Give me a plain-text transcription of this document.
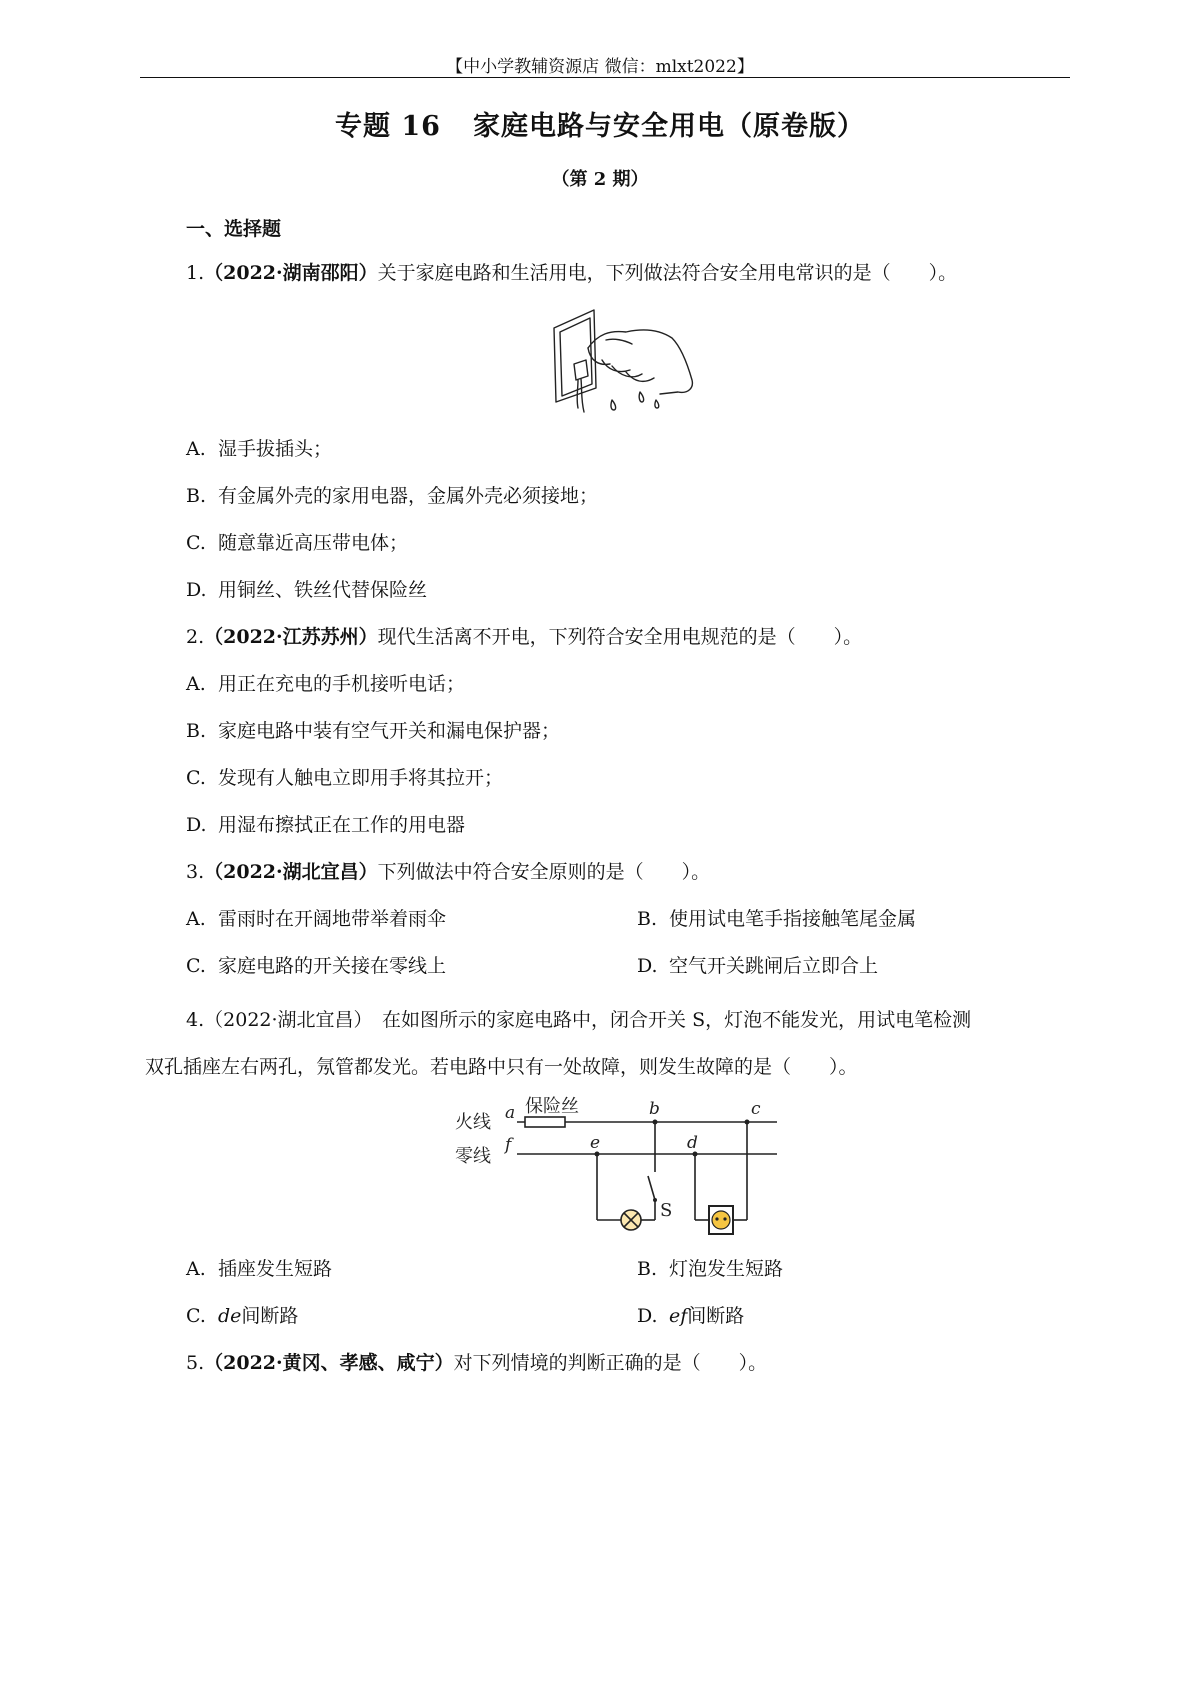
【中小学教辅资源店 微信：mlxt2022】
专题 16 家庭电路与安全用电（原卷版）
（第 2 期）
一、选择题
1.（2022·湖南邵阳）关于家庭电路和生活用电，下列做法符合安全用电常识的是（　　）。
A. 湿手拔插头；
B. 有金属外壳的家用电器，金属外壳必须接地；
C. 随意靠近高压带电体；
D. 用铜丝、铁丝代替保险丝
2.（2022·江苏苏州）现代生活离不开电，下列符合安全用电规范的是（　　）。
A. 用正在充电的手机接听电话；
B. 家庭电路中装有空气开关和漏电保护器；
C. 发现有人触电立即用手将其拉开；
D. 用湿布擦拭正在工作的用电器
3.（2022·湖北宜昌）下列做法中符合安全原则的是（　　）。
A. 雷雨时在开阔地带举着雨伞	B. 使用试电笔手指接触笔尾金属
C. 家庭电路的开关接在零线上	D. 空气开关跳闸后立即合上
4.（2022·湖北宜昌）　在如图所示的家庭电路中，闭合开关 S，灯泡不能发光，用试电笔检测
双孔插座左右两孔，氖管都发光。若电路中只有一处故障，则发生故障的是（　　）。
火线
零线
保险丝
S
a	b	c
d
e
f
A. 插座发生短路	B. 灯泡发生短路
C. de间断路	D. ef间断路
5.（2022·黄冈、孝感、咸宁）对下列情境的判断正确的是（　　）。
